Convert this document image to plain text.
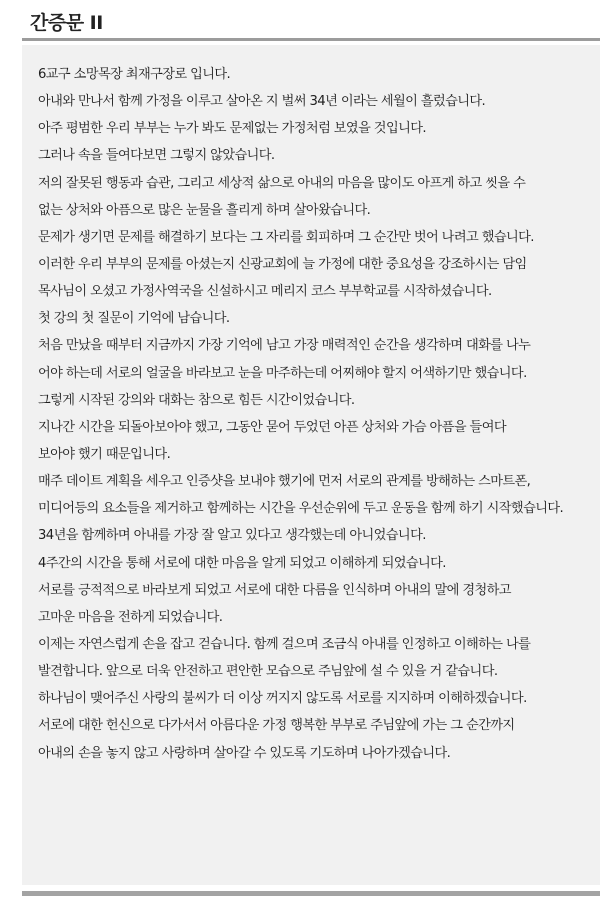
간증문 II
6교구 소망목장 최재구장로 입니다.
아내와 만나서 함께 가정을 이루고 살아온 지 벌써 34년 이라는 세월이 흘렀습니다.
아주 평범한 우리 부부는 누가 봐도 문제없는 가정처럼 보였을 것입니다.
그러나 속을 들여다보면 그렇지 않았습니다.
저의 잘못된 행동과 습관, 그리고 세상적 삶으로 아내의 마음을 많이도 아프게 하고 씻을 수
없는 상처와 아픔으로 많은 눈물을 흘리게 하며 살아왔습니다.
문제가 생기면 문제를 해결하기 보다는 그 자리를 회피하며 그 순간만 벗어 나려고 했습니다.
이러한 우리 부부의 문제를 아셨는지 신광교회에 늘 가정에 대한 중요성을 강조하시는 담임
목사님이 오셨고 가정사역국을 신설하시고 메리지 코스 부부학교를 시작하셨습니다.
첫 강의 첫 질문이 기억에 남습니다.
처음 만났을 때부터 지금까지 가장 기억에 남고 가장 매력적인 순간을 생각하며 대화를 나누
어야 하는데 서로의 얼굴을 바라보고 눈을 마주하는데 어찌해야 할지 어색하기만 했습니다.
그렇게 시작된 강의와 대화는 참으로 힘든 시간이었습니다.
지나간 시간을 되돌아보아야 했고, 그동안 묻어 두었던 아픈 상처와 가슴 아픔을 들여다
보아야 했기 때문입니다.
매주 데이트 계획을 세우고 인증샷을 보내야 했기에 먼저 서로의 관계를 방해하는 스마트폰,
미디어등의 요소들을 제거하고 함께하는 시간을 우선순위에 두고 운동을 함께 하기 시작했습니다.
34년을 함께하며 아내를 가장 잘 알고 있다고 생각했는데 아니었습니다.
4주간의 시간을 통해 서로에 대한 마음을 알게 되었고 이해하게 되었습니다.
서로를 긍적적으로 바라보게 되었고 서로에 대한 다름을 인식하며 아내의 말에 경청하고
고마운 마음을 전하게 되었습니다.
이제는 자연스럽게 손을 잡고 걷습니다. 함께 걸으며 조금식 아내를 인정하고 이해하는 나를
발견합니다. 앞으로 더욱 안전하고 편안한 모습으로 주님앞에 설 수 있을 거 같습니다.
하나님이 맺어주신 사랑의 불씨가 더 이상 꺼지지 않도록 서로를 지지하며 이해하겠습니다.
서로에 대한 헌신으로 다가서서 아름다운 가정 행복한 부부로 주님앞에 가는 그 순간까지
아내의 손을 놓지 않고 사랑하며 살아갈 수 있도록 기도하며 나아가겠습니다.
